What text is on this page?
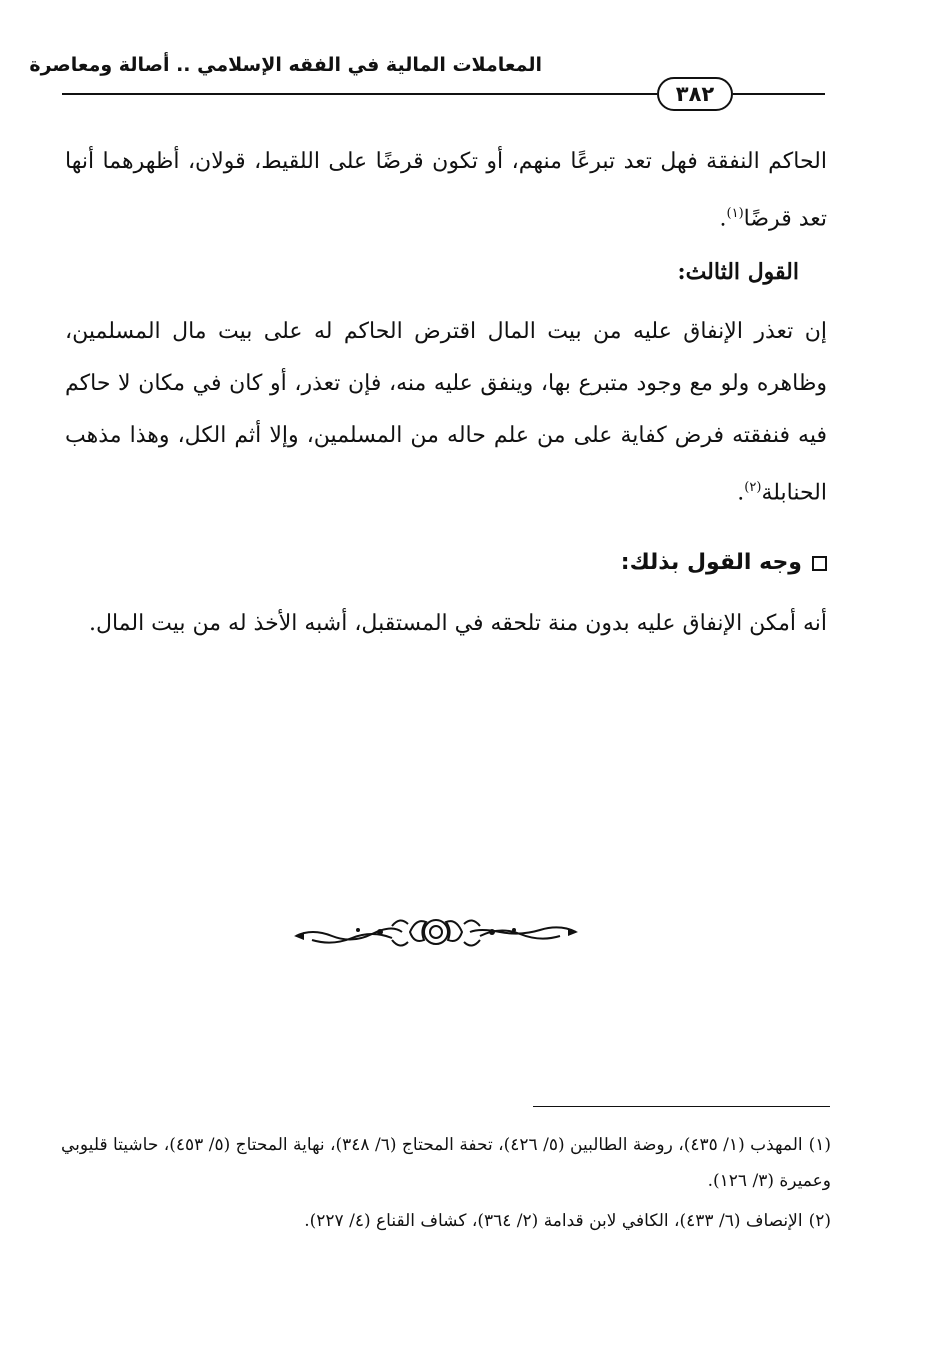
المعاملات المالية في الفقه الإسلامي .. أصالة ومعاصرة
٣٨٢
الحاكم النفقة فهل تعد تبرعًا منهم، أو تكون قرضًا على اللقيط، قولان، أظهرهما أنها تعد قرضًا$^{(١)}$.
القول الثالث:
إن تعذر الإنفاق عليه من بيت المال اقترض الحاكم له على بيت مال المسلمين، وظاهره ولو مع وجود متبرع بها، وينفق عليه منه، فإن تعذر، أو كان في مكان لا حاكم فيه فنفقته فرض كفاية على من علم حاله من المسلمين، وإلا أثم الكل، وهذا مذهب الحنابلة$^{(٢)}$.
وجه القول بذلك:
أنه أمكن الإنفاق عليه بدون منة تلحقه في المستقبل، أشبه الأخذ له من بيت المال.

(١)المهذب (١/ ٤٣٥)، روضة الطالبين (٥/ ٤٢٦)، تحفة المحتاج (٦/ ٣٤٨)، نهاية المحتاج (٥/ ٤٥٣)، حاشيتا قليوبي وعميرة (٣/ ١٢٦).

(٢)الإنصاف (٦/ ٤٣٣)، الكافي لابن قدامة (٢/ ٣٦٤)، كشاف القناع (٤/ ٢٢٧).
